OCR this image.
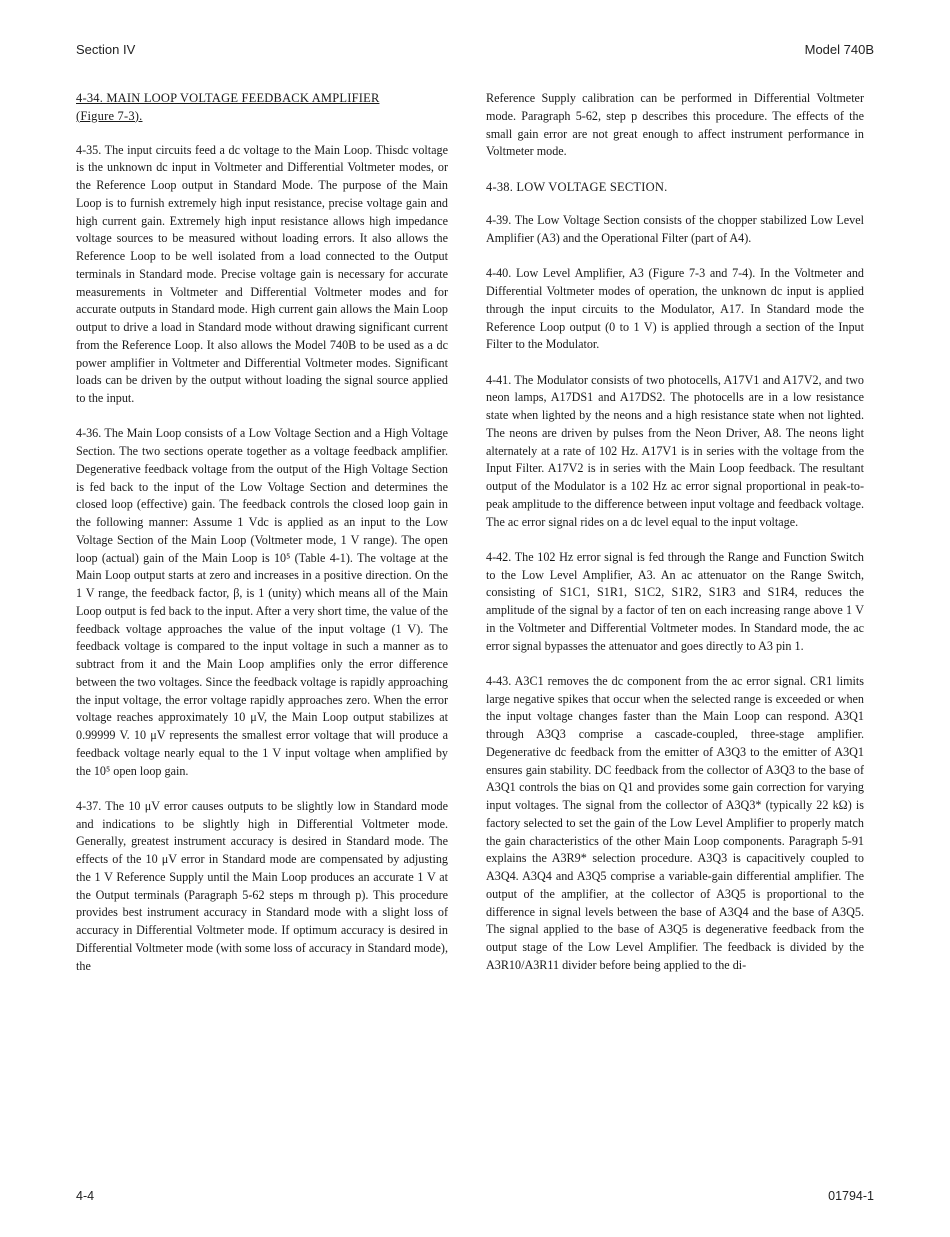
Section IV	Model 740B
4-34. MAIN LOOP VOLTAGE FEEDBACK AMPLIFIER
(Figure 7-3).

4-35. The input circuits feed a dc voltage to the Main Loop. Thisdc voltage is the unknown dc input in Voltmeter and Differential Voltmeter modes, or the Reference Loop output in Standard Mode. The purpose of the Main Loop is to furnish extremely high input resistance, precise voltage gain and high current gain. Extremely high input resistance allows high impedance voltage sources to be measured without loading errors. It also allows the Reference Loop to be well isolated from a load connected to the Output terminals in Standard mode. Precise voltage gain is necessary for accurate measurements in Voltmeter and Differential Voltmeter modes and for accurate outputs in Standard mode. High current gain allows the Main Loop output to drive a load in Standard mode without drawing significant current from the Reference Loop. It also allows the Model 740B to be used as a dc power amplifier in Voltmeter and Differential Voltmeter modes. Significant loads can be driven by the output without loading the signal source applied to the input.

4-36. The Main Loop consists of a Low Voltage Section and a High Voltage Section. The two sections operate together as a voltage feedback amplifier. Degenerative feedback voltage from the output of the High Voltage Section is fed back to the input of the Low Voltage Section and determines the closed loop (effective) gain. The feedback controls the closed loop gain in the following manner: Assume 1 Vdc is applied as an input to the Low Voltage Section of the Main Loop (Voltmeter mode, 1 V range). The open loop (actual) gain of the Main Loop is 10⁵ (Table 4-1). The voltage at the Main Loop output starts at zero and increases in a positive direction. On the 1 V range, the feedback factor, β, is 1 (unity) which means all of the Main Loop output is fed back to the input. After a very short time, the value of the feedback voltage approaches the value of the input voltage (1 V). The feedback voltage is compared to the input voltage in such a manner as to subtract from it and the Main Loop amplifies only the error difference between the two voltages. Since the feedback voltage is rapidly approaching the input voltage, the error voltage rapidly approaches zero. When the error voltage reaches approximately 10 μV, the Main Loop output stabilizes at 0.99999 V. 10 μV represents the smallest error voltage that will produce a feedback voltage nearly equal to the 1 V input voltage when amplified by the 10⁵ open loop gain.

4-37. The 10 μV error causes outputs to be slightly low in Standard mode and indications to be slightly high in Differential Voltmeter mode. Generally, greatest instrument accuracy is desired in Standard mode. The effects of the 10 μV error in Standard mode are compensated by adjusting the 1 V Reference Supply until the Main Loop produces an accurate 1 V at the Output terminals (Paragraph 5-62 steps m through p). This procedure provides best instrument accuracy in Standard mode with a slight loss of accuracy in Differential Voltmeter mode. If optimum accuracy is desired in Differential Voltmeter mode (with some loss of accuracy in Standard mode), the

Reference Supply calibration can be performed in Differential Voltmeter mode. Paragraph 5-62, step p describes this procedure. The effects of the small gain error are not great enough to affect instrument performance in Voltmeter mode.

4-38. LOW VOLTAGE SECTION.

4-39. The Low Voltage Section consists of the chopper stabilized Low Level Amplifier (A3) and the Operational Filter (part of A4).

4-40. Low Level Amplifier, A3 (Figure 7-3 and 7-4). In the Voltmeter and Differential Voltmeter modes of operation, the unknown dc input is applied through the input circuits to the Modulator, A17. In Standard mode the Reference Loop output (0 to 1 V) is applied through a section of the Input Filter to the Modulator.

4-41. The Modulator consists of two photocells, A17V1 and A17V2, and two neon lamps, A17DS1 and A17DS2. The photocells are in a low resistance state when lighted by the neons and a high resistance state when not lighted. The neons are driven by pulses from the Neon Driver, A8. The neons light alternately at a rate of 102 Hz. A17V1 is in series with the voltage from the Input Filter. A17V2 is in series with the Main Loop feedback. The resultant output of the Modulator is a 102 Hz ac error signal proportional in peak-to-peak amplitude to the difference between input voltage and feedback voltage. The ac error signal rides on a dc level equal to the input voltage.

4-42. The 102 Hz error signal is fed through the Range and Function Switch to the Low Level Amplifier, A3. An ac attenuator on the Range Switch, consisting of S1C1, S1R1, S1C2, S1R2, S1R3 and S1R4, reduces the amplitude of the signal by a factor of ten on each increasing range above 1 V in the Voltmeter and Differential Voltmeter modes. In Standard mode, the ac error signal bypasses the attenuator and goes directly to A3 pin 1.

4-43. A3C1 removes the dc component from the ac error signal. CR1 limits large negative spikes that occur when the selected range is exceeded or when the input voltage changes faster than the Main Loop can respond. A3Q1 through A3Q3 comprise a cascade-coupled, three-stage amplifier. Degenerative dc feedback from the emitter of A3Q3 to the emitter of A3Q1 ensures gain stability. DC feedback from the collector of A3Q3 to the base of A3Q1 controls the bias on Q1 and provides some gain correction for varying input voltages. The signal from the collector of A3Q3* (typically 22 kΩ) is factory selected to set the gain of the Low Level Amplifier to properly match the gain characteristics of the other Main Loop components. Paragraph 5-91 explains the A3R9* selection procedure. A3Q3 is capacitively coupled to A3Q4. A3Q4 and A3Q5 comprise a variable-gain differential amplifier. The output of the amplifier, at the collector of A3Q5 is proportional to the difference in signal levels between the base of A3Q4 and the base of A3Q5. The signal applied to the base of A3Q5 is degenerative feedback from the output stage of the Low Level Amplifier. The feedback is divided by the A3R10/A3R11 divider before being applied to the di-

4-4	01794-1
